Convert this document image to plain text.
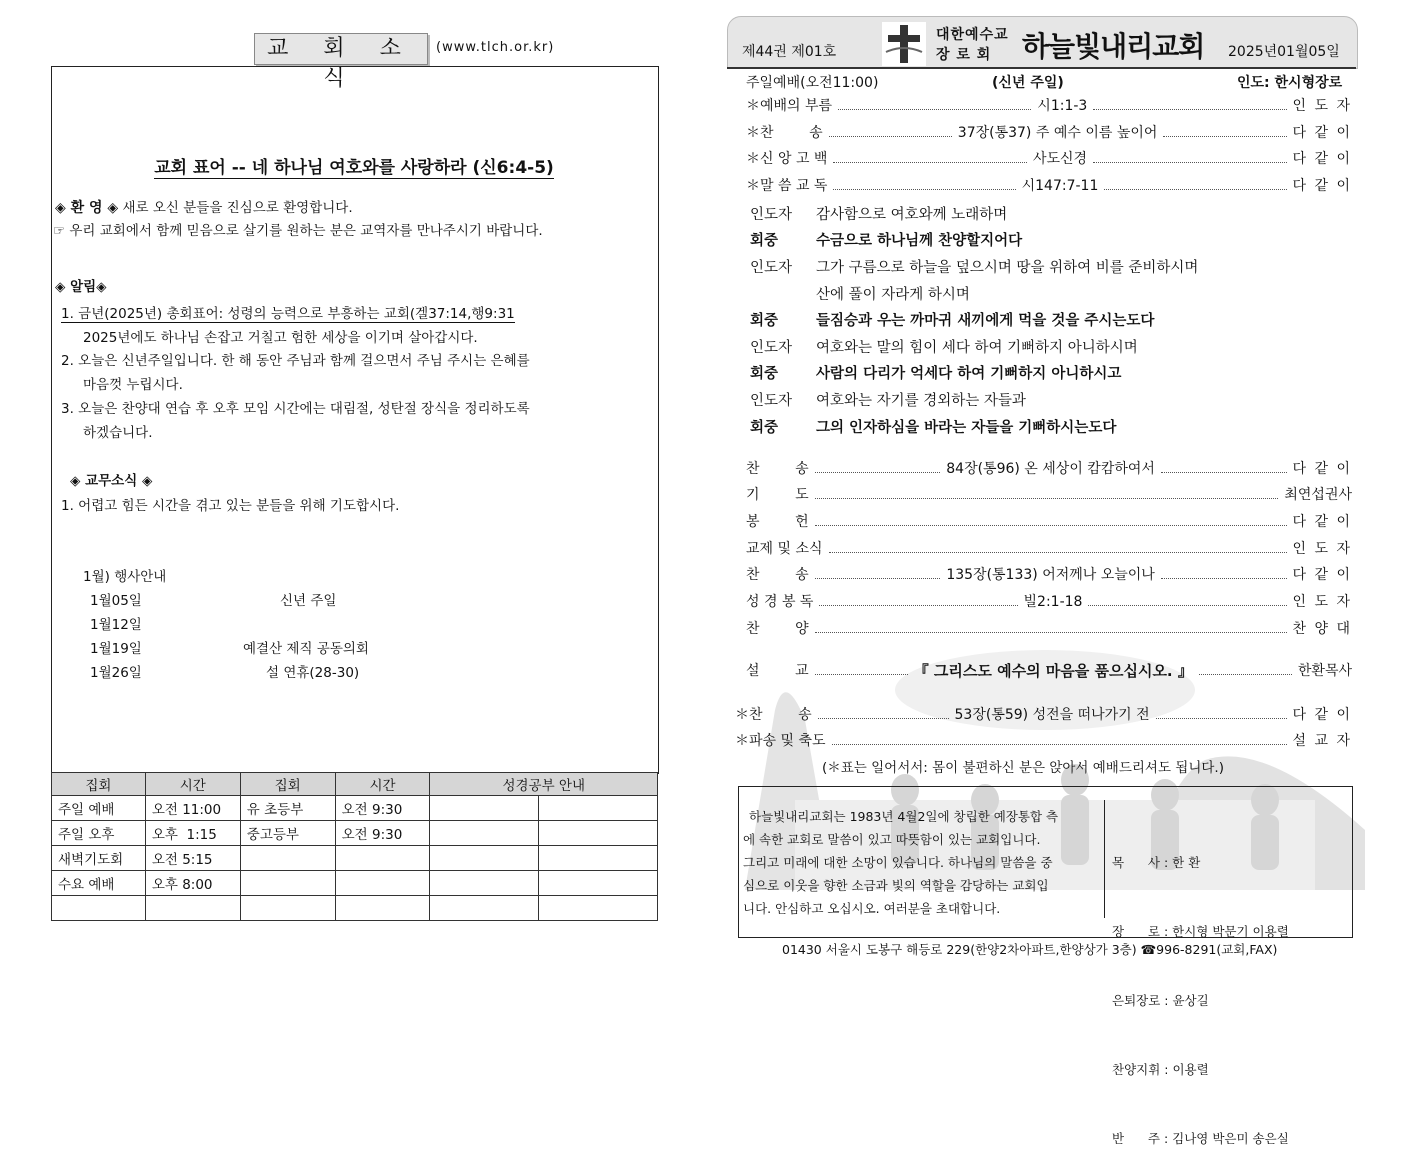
교 회 소 식
(www.tlch.or.kr)
교회 표어 -- 네 하나님 여호와를 사랑하라 (신6:4-5)
◈ 환 영 ◈ 새로 오신 분들을 진심으로 환영합니다.
☞ 우리 교회에서 함께 믿음으로 살기를 원하는 분은 교역자를 만나주시기 바랍니다.
◈ 알림◈
1. 금년(2025년) 총회표어: 성령의 능력으로 부흥하는 교회(겔37:14,행9:31
2025년에도 하나님 손잡고 거칠고 험한 세상을 이기며 살아갑시다.
2. 오늘은 신년주일입니다. 한 해 동안 주님과 함께 걸으면서 주님 주시는 은혜를
마음껏 누립시다.
3. 오늘은 찬양대 연습 후 오후 모임 시간에는 대림절, 성탄절 장식을 정리하도록
하겠습니다.
◈ 교무소식 ◈
1. 어렵고 힘든 시간을 겪고 있는 분들을 위해 기도합시다.
1월) 행사안내
1월05일	신년 주일
1월12일
1월19일	예결산 제직 공동의회
1월26일	설 연휴(28-30)
집회	시간	집회	시간	성경공부 안내	
주일 예배	오전 11:00	유 초등부	오전 9:30		
주일 오후	오후  1:15	중고등부	오전 9:30		
새벽기도회	오전 5:15				
수요 예배	오후 8:00				

제44권 제01호
대한예수교
장 로 회	하늘빛내리교회 2025년01월05일
주일예배(오전11:00)	(신년 주일)	인도: 한시형장로
＊예배의 부름	시1:1-3	인 도 자
＊찬        송	37장(통37) 주 예수 이름 높이어	다 같 이
＊신 앙 고 백	사도신경	다 같 이
＊말 씀 교 독	시147:7-11	다 같 이
인도자 감사함으로 여호와께 노래하며
회중	수금으로 하나님께 찬양할지어다
인도자 그가 구름으로 하늘을 덮으시며 땅을 위하여 비를 준비하시며
산에 풀이 자라게 하시며
회중	들짐승과 우는 까마귀 새끼에게 먹을 것을 주시는도다
인도자 여호와는 말의 힘이 세다 하여 기뻐하지 아니하시며
회중	사람의 다리가 억세다 하여 기뻐하지 아니하시고
인도자 여호와는 자기를 경외하는 자들과
회중	그의 인자하심을 바라는 자들을 기뻐하시는도다
찬        송	84장(통96) 온 세상이 캄캄하여서	다 같 이
기        도	최연섭권사
봉        헌	다 같 이
교제 및 소식	인 도 자
찬        송	135장(통133) 어저께나 오늘이나	다 같 이
성 경 봉 독	빌2:1-18	인 도 자
찬        양	찬 양 대
설        교	『 그리스도 예수의 마음을 품으십시오. 』	한환목사
＊찬        송	53장(통59) 성전을 떠나가기 전	다 같 이
＊파송 및 축도	설 교 자
(＊표는 일어서서: 몸이 불편하신 분은 앉아서 예배드리셔도 됩니다.)
하늘빛내리교회는 1983년 4월2일에 창립한 예장통합 측
에 속한 교회로 말씀이 있고 따뜻함이 있는 교회입니다.
그리고 미래에 대한 소망이 있습니다. 하나님의 말씀을 중
심으로 이웃을 향한 소금과 빛의 역할을 감당하는 교회입
니다. 안심하고 오십시오. 여러분을 초대합니다.

목      사 : 한 환

장      로 : 한시형 박문기 이용렬

은퇴장로 : 윤상길

찬양지휘 : 이용렬

반      주 : 김나영 박은미 송은실

01430 서울시 도봉구 해등로 229(한양2차아파트,한양상가 3층) ☎996-8291(교회,FAX)
